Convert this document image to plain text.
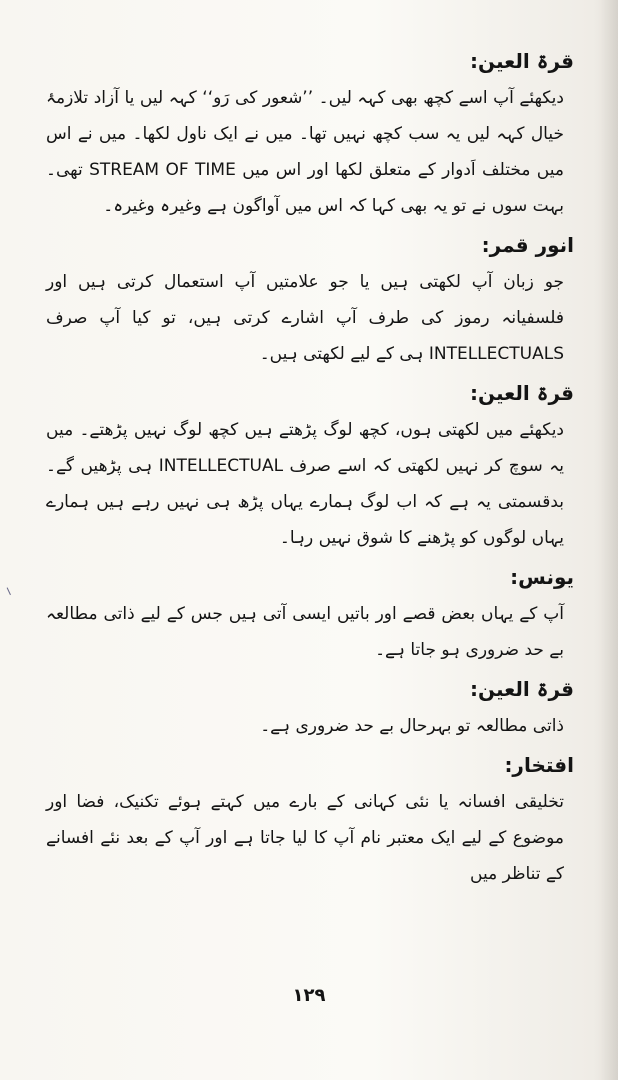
قرۃ العین:

دیکھئے آپ اسے کچھ بھی کہہ لیں۔ ’’شعور کی رَو‘‘ کہہ لیں یا آزاد تلازمۂ خیال کہہ لیں یہ سب کچھ نہیں تھا۔ میں نے ایک ناول لکھا۔ میں نے اس میں مختلف اَدوار کے متعلق لکھا اور اس میں STREAM OF TIME تھی۔ بہت سوں نے تو یہ بھی کہا کہ اس میں آواگون ہے وغیرہ وغیرہ۔

انور قمر:

جو زبان آپ لکھتی ہیں یا جو علامتیں آپ استعمال کرتی ہیں اور فلسفیانہ رموز کی طرف آپ اشارے کرتی ہیں، تو کیا آپ صرف INTELLECTUALS ہی کے لیے لکھتی ہیں۔

قرۃ العین:

دیکھئے میں لکھتی ہوں، کچھ لوگ پڑھتے ہیں کچھ لوگ نہیں پڑھتے۔ میں یہ سوچ کر نہیں لکھتی کہ اسے صرف INTELLECTUAL ہی پڑھیں گے۔ بدقسمتی یہ ہے کہ اب لوگ ہمارے یہاں پڑھ ہی نہیں رہے ہیں ہمارے یہاں لوگوں کو پڑھنے کا شوق نہیں رہا۔

یونس:

آپ کے یہاں بعض قصے اور باتیں ایسی آتی ہیں جس کے لیے ذاتی مطالعہ بے حد ضروری ہو جاتا ہے۔

قرۃ العین:

ذاتی مطالعہ تو بہرحال بے حد ضروری ہے۔

افتخار:

تخلیقی افسانہ یا نئی کہانی کے بارے میں کہتے ہوئے تکنیک، فضا اور موضوع کے لیے ایک معتبر نام آپ کا لیا جاتا ہے اور آپ کے بعد نئے افسانے کے تناظر میں

۱۲۹
